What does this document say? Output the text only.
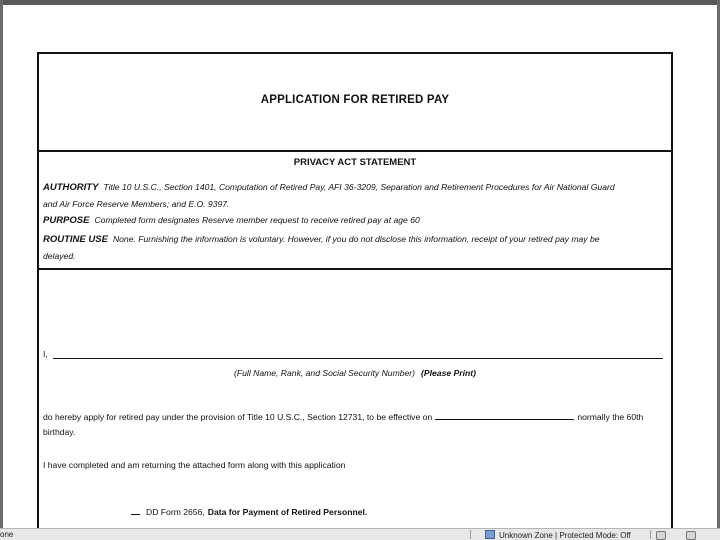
APPLICATION FOR RETIRED PAY
PRIVACY ACT STATEMENT

AUTHORITY Title 10 U.S.C., Section 1401, Computation of Retired Pay, AFI 36-3209, Separation and Retirement Procedures for Air National Guard

and Air Force Reserve Members; and E.O. 9397.

PURPOSE Completed form designates Reserve member request to receive retired pay at age 60

ROUTINE USE None. Furnishing the information is voluntary. However, if you do not disclose this information, receipt of your retired pay may be

delayed.

I,
(Full Name, Rank, and Social Security Number) (Please Print)
do hereby apply for retired pay under the provision of Title 10 U.S.C., Section 12731, to be effective on	, normally the 60th
birthday.
I have completed and am returning the attached form along with this application
DD Form 2656, Data for Payment of Retired Personnel.
one	Unknown Zone | Protected Mode: Off
